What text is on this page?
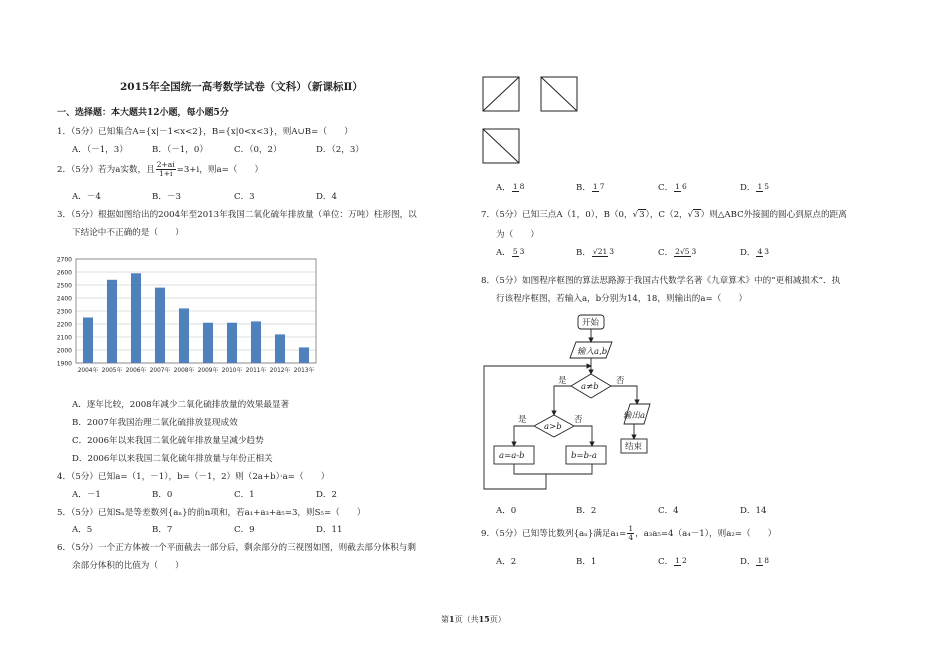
2015年全国统一高考数学试卷（文科）（新课标Ⅱ）
一、选择题：本大题共12小题，每小题5分
1．（5分）已知集合A={x|－1<x<2}，B={x|0<x<3}，则A∪B=（　　）
A．（－1，3）	B．（－1，0）	C．（0，2）	D．（2，3）
2．（5分）若为a实数，且 $\frac{2+ai}{1+i} =3+i$，则a=（　　）
A．－4	B．－3	C．3	D．4
3．（5分）根据如图给出的2004年至2013年我国二氧化硫年排放量（单位：万吨）柱形图，以
下结论中不正确的是（　　）
1900
2000
2100
2200
2300
2400
2500
2600
2700
2004年 2005年 2006年 2007年 2008年 2009年 2010年 2011年 2012年 2013年
A．逐年比较，2008年减少二氧化硫排放量的效果最显著
B．2007年我国治理二氧化硫排放显现成效
C．2006年以来我国二氧化硫年排放量呈减少趋势
D．2006年以来我国二氧化硫年排放量与年份正相关
4．（5分）已知a=（1，－1），b=（－1，2）则（2a+b）·a=（　　）
A．－1	B．0	C．1	D．2
5．（5分）已知Sₙ是等差数列{aₙ}的前n项和，若a₁+a₃+a₅=3，则S₅=（　　）
A．5	B．7	C．9	D．11
6．（5分）一个正方体被一个平面截去一部分后，剩余部分的三视图如图，则截去部分体积与剩
余部分体积的比值为（　　）
A． 1 8	B． 1 7	C． 1 6	D． 1 5
7．（5分）已知三点A（1，0），B（0，√3），C（2，√3）则△ABC外接圆的圆心到原点的距离
为（　　）
A． 5 3	B． √21 3	C． 2√5 3	D． 4 3
8．（5分）如图程序框图的算法思路源于我国古代数学名著《九章算术》中的“更相减损术”．执
行该程序框图，若输入a，b分别为14，18，则输出的a=（　　）
开始
输入a,b
a≠b
a>b
是	否
是	否
a=a-b	b=b-a
输出a
结束
A．0	B．2	C．4	D．14
9．（5分）已知等比数列{aₙ}满足$a_1= \frac{1}{4}$ ，a₃a₅=4（a₄－1），则a₂=（　　）
A．2	B．1	C． 1 2	D． 1 8
第1页（共15页）
